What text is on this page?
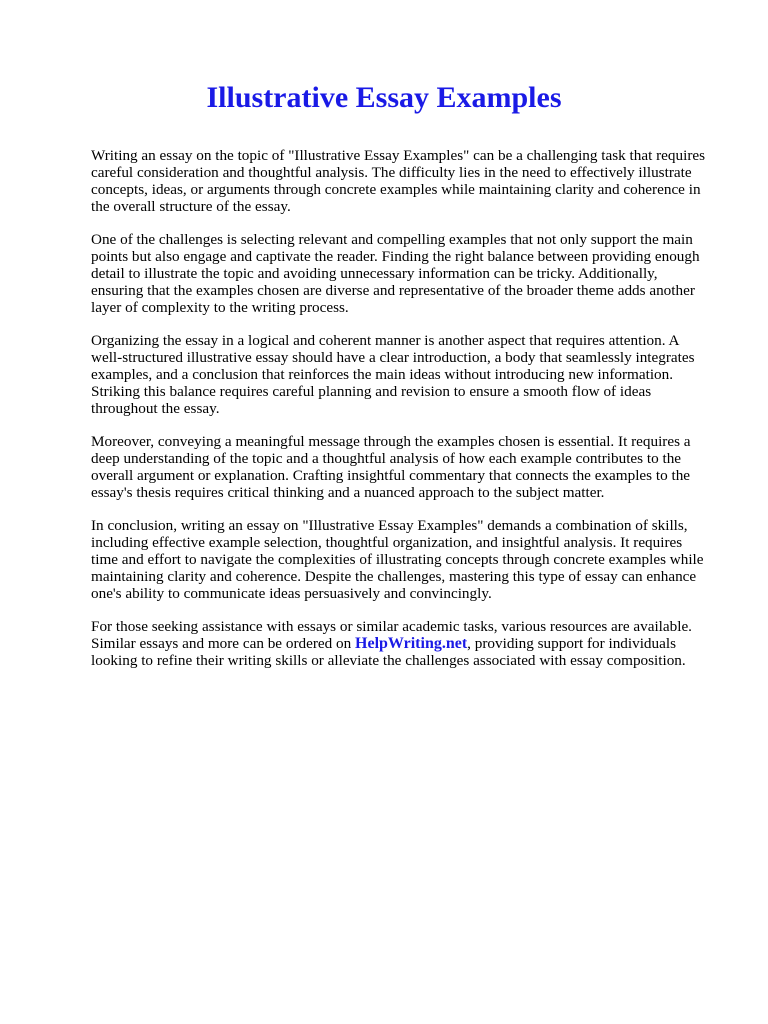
Illustrative Essay Examples

Writing an essay on the topic of "Illustrative Essay Examples" can be a challenging task that requires careful consideration and thoughtful analysis. The difficulty lies in the need to effectively illustrate concepts, ideas, or arguments through concrete examples while maintaining clarity and coherence in the overall structure of the essay.

One of the challenges is selecting relevant and compelling examples that not only support the main points but also engage and captivate the reader. Finding the right balance between providing enough detail to illustrate the topic and avoiding unnecessary information can be tricky. Additionally, ensuring that the examples chosen are diverse and representative of the broader theme adds another layer of complexity to the writing process.

Organizing the essay in a logical and coherent manner is another aspect that requires attention. A well-structured illustrative essay should have a clear introduction, a body that seamlessly integrates examples, and a conclusion that reinforces the main ideas without introducing new information. Striking this balance requires careful planning and revision to ensure a smooth flow of ideas throughout the essay.

Moreover, conveying a meaningful message through the examples chosen is essential. It requires a deep understanding of the topic and a thoughtful analysis of how each example contributes to the overall argument or explanation. Crafting insightful commentary that connects the examples to the essay's thesis requires critical thinking and a nuanced approach to the subject matter.

In conclusion, writing an essay on "Illustrative Essay Examples" demands a combination of skills, including effective example selection, thoughtful organization, and insightful analysis. It requires time and effort to navigate the complexities of illustrating concepts through concrete examples while maintaining clarity and coherence. Despite the challenges, mastering this type of essay can enhance one's ability to communicate ideas persuasively and convincingly.

For those seeking assistance with essays or similar academic tasks, various resources are available. Similar essays and more can be ordered on HelpWriting.net, providing support for individuals looking to refine their writing skills or alleviate the challenges associated with essay composition.
